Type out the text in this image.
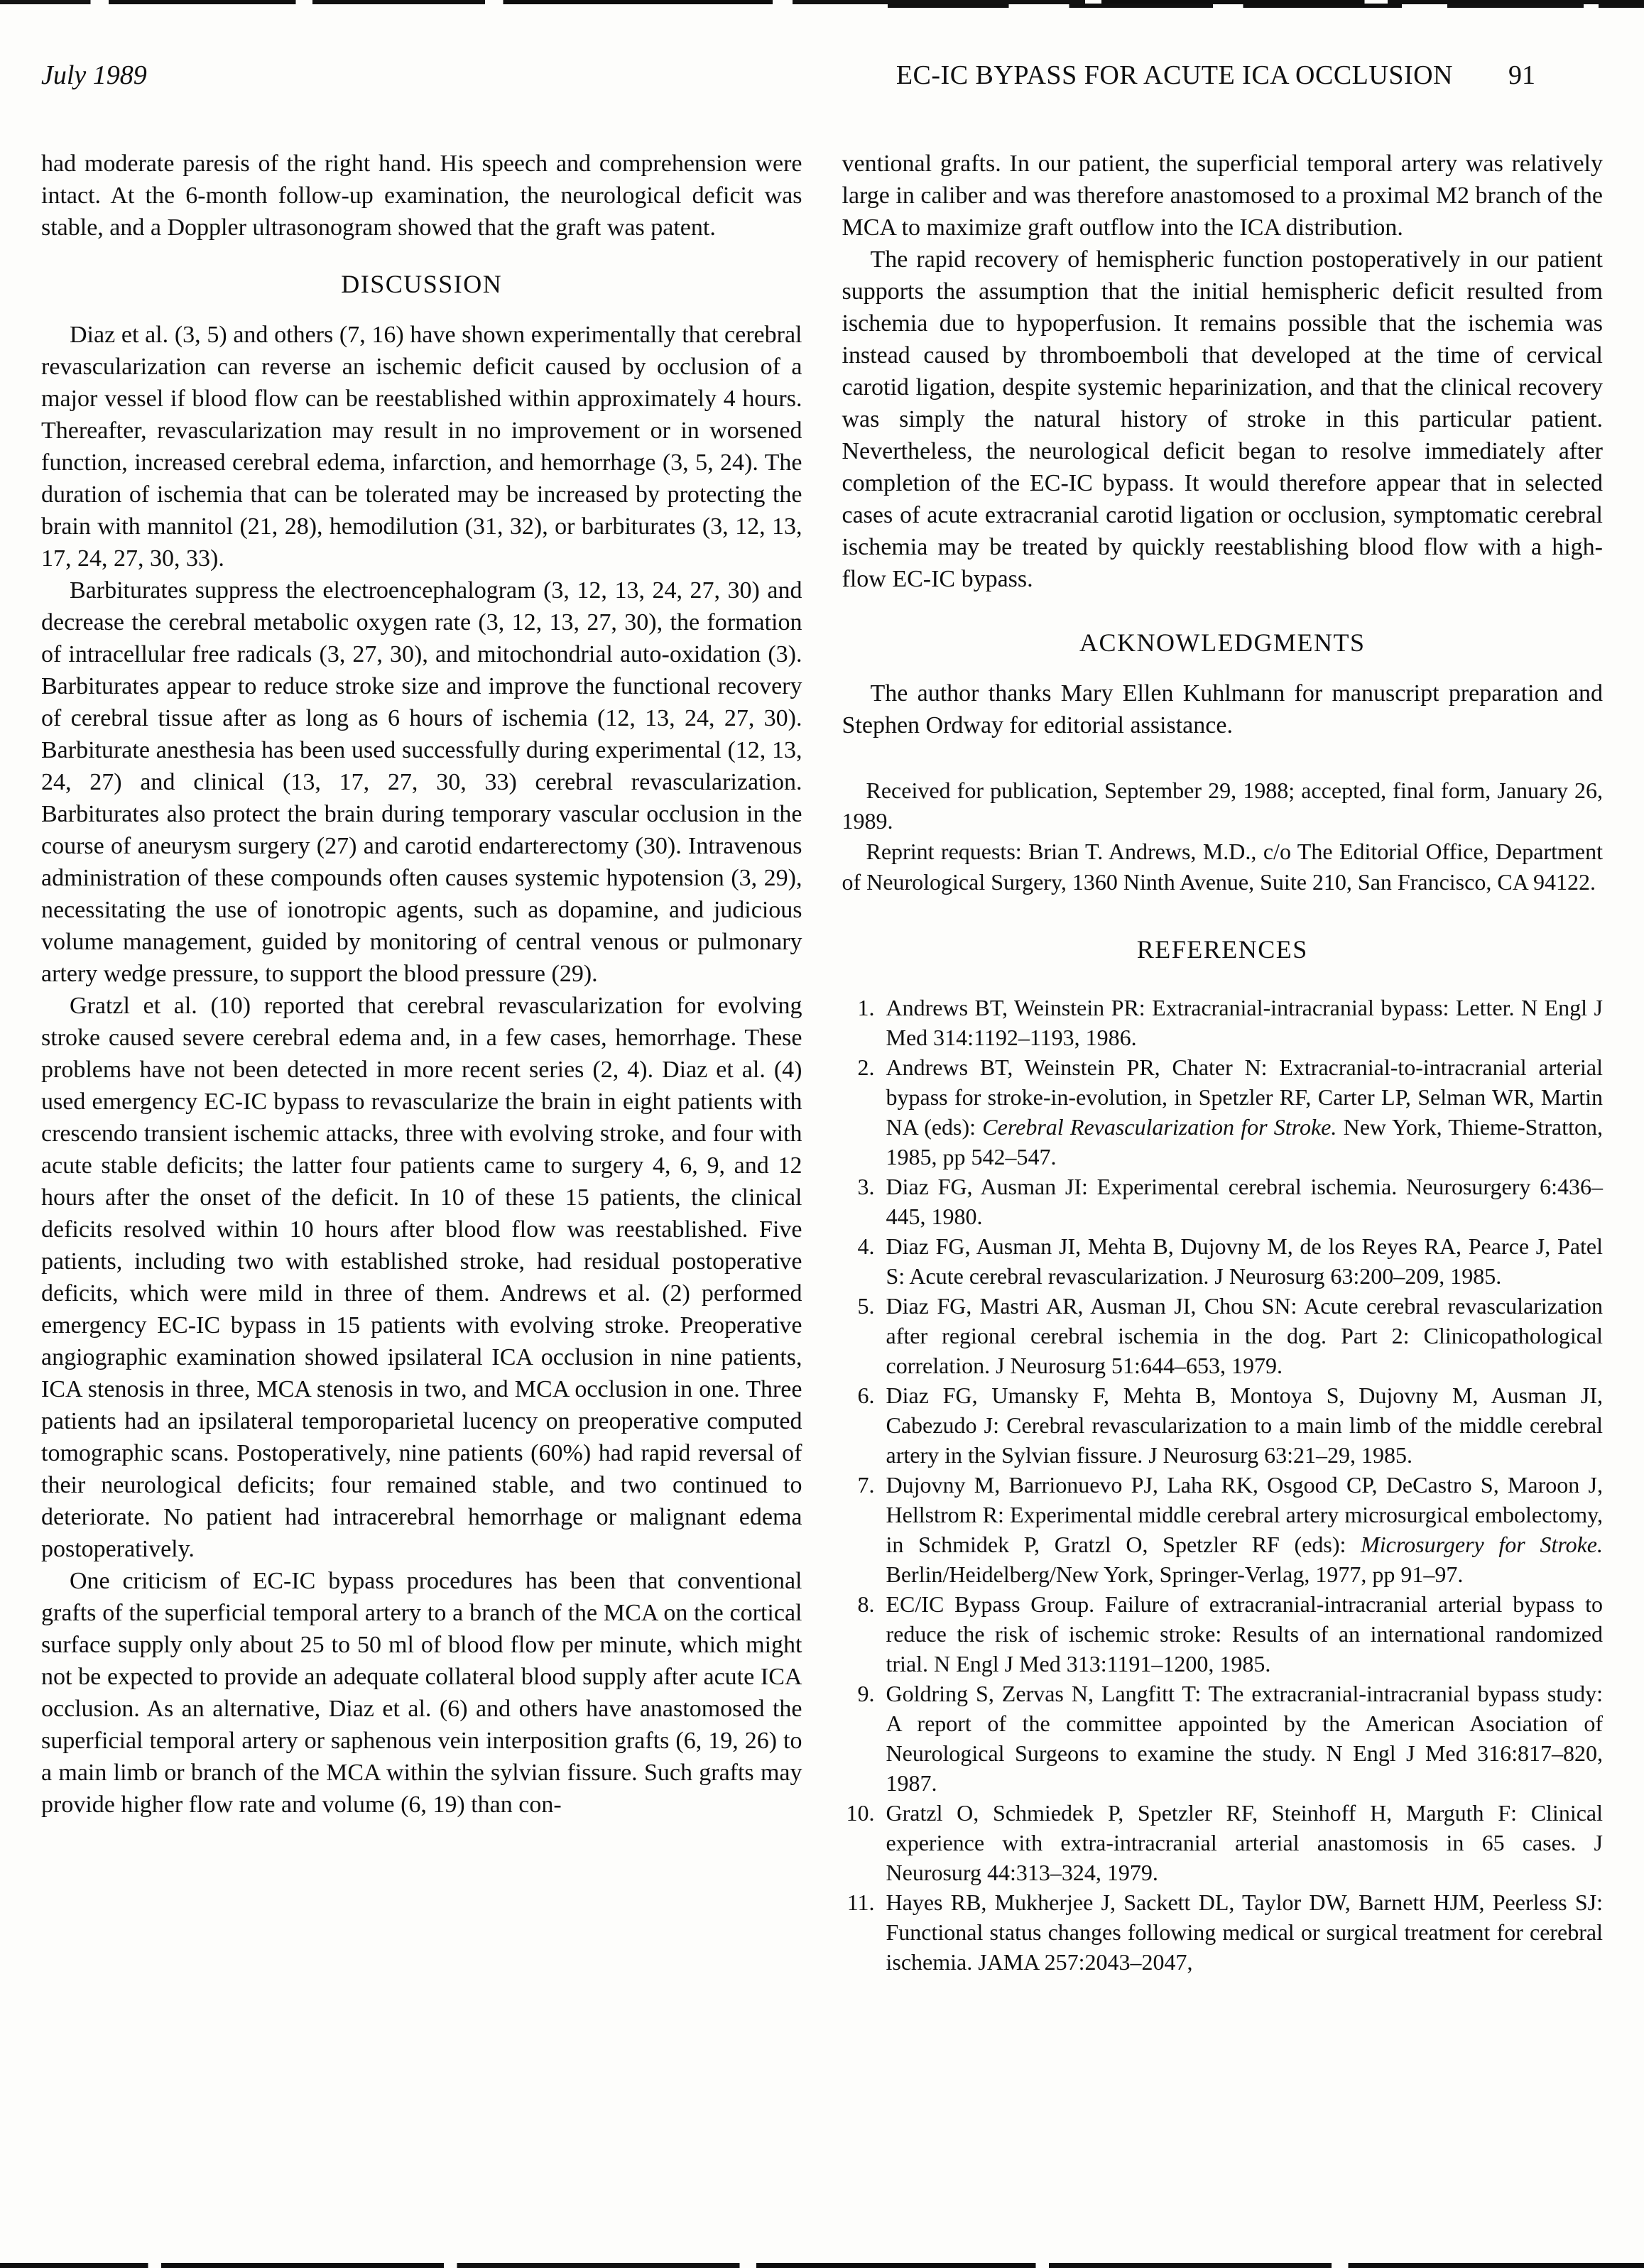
July 1989	EC-IC BYPASS FOR ACUTE ICA OCCLUSION 91

had moderate paresis of the right hand. His speech and comprehension were intact. At the 6-month follow-up examination, the neurological deficit was stable, and a Doppler ultrasonogram showed that the graft was patent.

DISCUSSION

Diaz et al. (3, 5) and others (7, 16) have shown experimentally that cerebral revascularization can reverse an ischemic deficit caused by occlusion of a major vessel if blood flow can be reestablished within approximately 4 hours. Thereafter, revascularization may result in no improvement or in worsened function, increased cerebral edema, infarction, and hemorrhage (3, 5, 24). The duration of ischemia that can be tolerated may be increased by protecting the brain with mannitol (21, 28), hemodilution (31, 32), or barbiturates (3, 12, 13, 17, 24, 27, 30, 33).

Barbiturates suppress the electroencephalogram (3, 12, 13, 24, 27, 30) and decrease the cerebral metabolic oxygen rate (3, 12, 13, 27, 30), the formation of intracellular free radicals (3, 27, 30), and mitochondrial auto-oxidation (3). Barbiturates appear to reduce stroke size and improve the functional recovery of cerebral tissue after as long as 6 hours of ischemia (12, 13, 24, 27, 30). Barbiturate anesthesia has been used successfully during experimental (12, 13, 24, 27) and clinical (13, 17, 27, 30, 33) cerebral revascularization. Barbiturates also protect the brain during temporary vascular occlusion in the course of aneurysm surgery (27) and carotid endarterectomy (30). Intravenous administration of these compounds often causes systemic hypotension (3, 29), necessitating the use of ionotropic agents, such as dopamine, and judicious volume management, guided by monitoring of central venous or pulmonary artery wedge pressure, to support the blood pressure (29).

Gratzl et al. (10) reported that cerebral revascularization for evolving stroke caused severe cerebral edema and, in a few cases, hemorrhage. These problems have not been detected in more recent series (2, 4). Diaz et al. (4) used emergency EC-IC bypass to revascularize the brain in eight patients with crescendo transient ischemic attacks, three with evolving stroke, and four with acute stable deficits; the latter four patients came to surgery 4, 6, 9, and 12 hours after the onset of the deficit. In 10 of these 15 patients, the clinical deficits resolved within 10 hours after blood flow was reestablished. Five patients, including two with established stroke, had residual postoperative deficits, which were mild in three of them. Andrews et al. (2) performed emergency EC-IC bypass in 15 patients with evolving stroke. Preoperative angiographic examination showed ipsilateral ICA occlusion in nine patients, ICA stenosis in three, MCA stenosis in two, and MCA occlusion in one. Three patients had an ipsilateral temporoparietal lucency on preoperative computed tomographic scans. Postoperatively, nine patients (60%) had rapid reversal of their neurological deficits; four remained stable, and two continued to deteriorate. No patient had intracerebral hemorrhage or malignant edema postoperatively.

One criticism of EC-IC bypass procedures has been that conventional grafts of the superficial temporal artery to a branch of the MCA on the cortical surface supply only about 25 to 50 ml of blood flow per minute, which might not be expected to provide an adequate collateral blood supply after acute ICA occlusion. As an alternative, Diaz et al. (6) and others have anastomosed the superficial temporal artery or saphenous vein interposition grafts (6, 19, 26) to a main limb or branch of the MCA within the sylvian fissure. Such grafts may provide higher flow rate and volume (6, 19) than con-

ventional grafts. In our patient, the superficial temporal artery was relatively large in caliber and was therefore anastomosed to a proximal M2 branch of the MCA to maximize graft outflow into the ICA distribution.

The rapid recovery of hemispheric function postoperatively in our patient supports the assumption that the initial hemispheric deficit resulted from ischemia due to hypoperfusion. It remains possible that the ischemia was instead caused by thromboemboli that developed at the time of cervical carotid ligation, despite systemic heparinization, and that the clinical recovery was simply the natural history of stroke in this particular patient. Nevertheless, the neurological deficit began to resolve immediately after completion of the EC-IC bypass. It would therefore appear that in selected cases of acute extracranial carotid ligation or occlusion, symptomatic cerebral ischemia may be treated by quickly reestablishing blood flow with a high-flow EC-IC bypass.

ACKNOWLEDGMENTS

The author thanks Mary Ellen Kuhlmann for manuscript preparation and Stephen Ordway for editorial assistance.

Received for publication, September 29, 1988; accepted, final form, January 26, 1989.

Reprint requests: Brian T. Andrews, M.D., c/o The Editorial Office, Department of Neurological Surgery, 1360 Ninth Avenue, Suite 210, San Francisco, CA 94122.

REFERENCES
1. Andrews BT, Weinstein PR: Extracranial-intracranial bypass: Letter. N Engl J Med 314:1192–1193, 1986.
2. Andrews BT, Weinstein PR, Chater N: Extracranial-to-intracranial arterial bypass for stroke-in-evolution, in Spetzler RF, Carter LP, Selman WR, Martin NA (eds): Cerebral Revascularization for Stroke. New York, Thieme-Stratton, 1985, pp 542–547.
3. Diaz FG, Ausman JI: Experimental cerebral ischemia. Neurosurgery 6:436–445, 1980.
4. Diaz FG, Ausman JI, Mehta B, Dujovny M, de los Reyes RA, Pearce J, Patel S: Acute cerebral revascularization. J Neurosurg 63:200–209, 1985.
5. Diaz FG, Mastri AR, Ausman JI, Chou SN: Acute cerebral revascularization after regional cerebral ischemia in the dog. Part 2: Clinicopathological correlation. J Neurosurg 51:644–653, 1979.
6. Diaz FG, Umansky F, Mehta B, Montoya S, Dujovny M, Ausman JI, Cabezudo J: Cerebral revascularization to a main limb of the middle cerebral artery in the Sylvian fissure. J Neurosurg 63:21–29, 1985.
7. Dujovny M, Barrionuevo PJ, Laha RK, Osgood CP, DeCastro S, Maroon J, Hellstrom R: Experimental middle cerebral artery microsurgical embolectomy, in Schmidek P, Gratzl O, Spetzler RF (eds): Microsurgery for Stroke. Berlin/Heidelberg/New York, Springer-Verlag, 1977, pp 91–97.
8. EC/IC Bypass Group. Failure of extracranial-intracranial arterial bypass to reduce the risk of ischemic stroke: Results of an international randomized trial. N Engl J Med 313:1191–1200, 1985.
9. Goldring S, Zervas N, Langfitt T: The extracranial-intracranial bypass study: A report of the committee appointed by the American Asociation of Neurological Surgeons to examine the study. N Engl J Med 316:817–820, 1987.
10. Gratzl O, Schmiedek P, Spetzler RF, Steinhoff H, Marguth F: Clinical experience with extra-intracranial arterial anastomosis in 65 cases. J Neurosurg 44:313–324, 1979.
11. Hayes RB, Mukherjee J, Sackett DL, Taylor DW, Barnett HJM, Peerless SJ: Functional status changes following medical or surgical treatment for cerebral ischemia. JAMA 257:2043–2047,
